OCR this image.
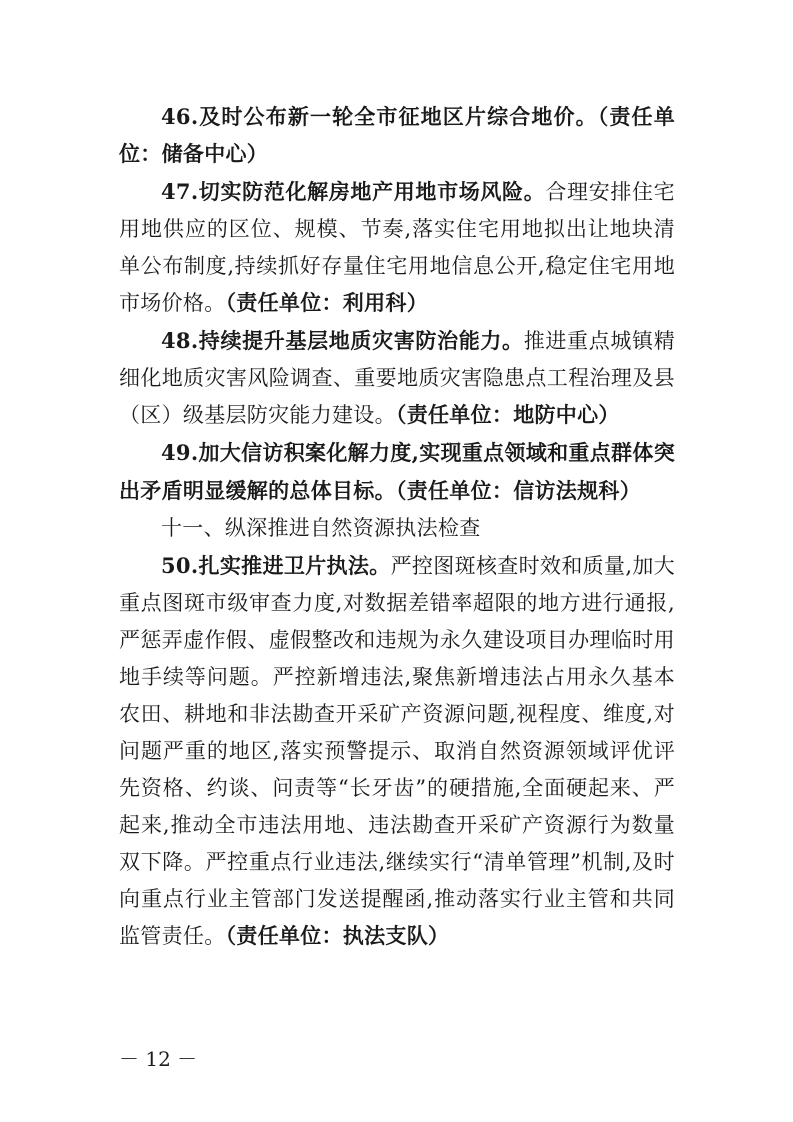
46.及时公布新一轮全市征地区片综合地价。（责任单位：储备中心）

47.切实防范化解房地产用地市场风险。合理安排住宅用地供应的区位、规模、节奏,落实住宅用地拟出让地块清单公布制度,持续抓好存量住宅用地信息公开,稳定住宅用地市场价格。（责任单位：利用科）

48.持续提升基层地质灾害防治能力。推进重点城镇精细化地质灾害风险调查、重要地质灾害隐患点工程治理及县（区）级基层防灾能力建设。（责任单位：地防中心）

49.加大信访积案化解力度,实现重点领域和重点群体突出矛盾明显缓解的总体目标。（责任单位：信访法规科）

十一、纵深推进自然资源执法检查

50.扎实推进卫片执法。严控图斑核查时效和质量,加大重点图斑市级审查力度,对数据差错率超限的地方进行通报,严惩弄虚作假、虚假整改和违规为永久建设项目办理临时用地手续等问题。严控新增违法,聚焦新增违法占用永久基本农田、耕地和非法勘查开采矿产资源问题,视程度、维度,对问题严重的地区,落实预警提示、取消自然资源领域评优评先资格、约谈、问责等“长牙齿”的硬措施,全面硬起来、严起来,推动全市违法用地、违法勘查开采矿产资源行为数量双下降。严控重点行业违法,继续实行“清单管理”机制,及时向重点行业主管部门发送提醒函,推动落实行业主管和共同监管责任。（责任单位：执法支队）

－ 12 －
